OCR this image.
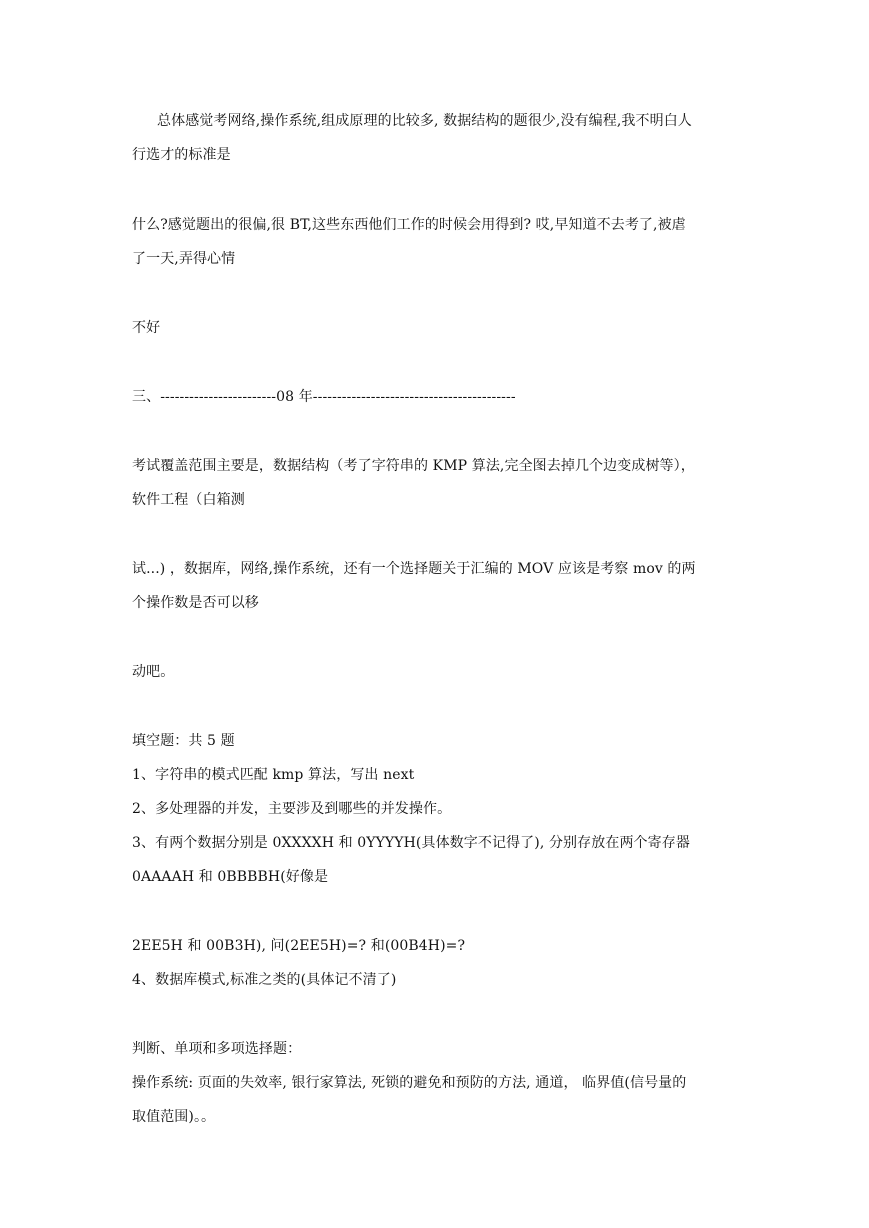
总体感觉考网络,操作系统,组成原理的比较多, 数据结构的题很少,没有编程,我不明白人
行选才的标准是
什么?感觉题出的很偏,很 BT,这些东西他们工作的时候会用得到? 哎,早知道不去考了,被虐
了一天,弄得心情
不好
三、------------------------08 年------------------------------------------
考试覆盖范围主要是，数据结构（考了字符串的 KMP 算法,完全图去掉几个边变成树等），
软件工程（白箱测
试...) ，数据库，网络,操作系统，还有一个选择题关于汇编的 MOV 应该是考察 mov 的两
个操作数是否可以移
动吧。
填空题：共 5 题
1、字符串的模式匹配 kmp 算法，写出 next
2、多处理器的并发，主要涉及到哪些的并发操作。
3、有两个数据分别是 0XXXXH 和 0YYYYH(具体数字不记得了), 分别存放在两个寄存器
0AAAAH 和 0BBBBH(好像是
2EE5H 和 00B3H), 问(2EE5H)=? 和(00B4H)=?
4、数据库模式,标准之类的(具体记不清了)
判断、单项和多项选择题：
操作系统: 页面的失效率, 银行家算法, 死锁的避免和预防的方法, 通道， 临界值(信号量的
取值范围)。。
